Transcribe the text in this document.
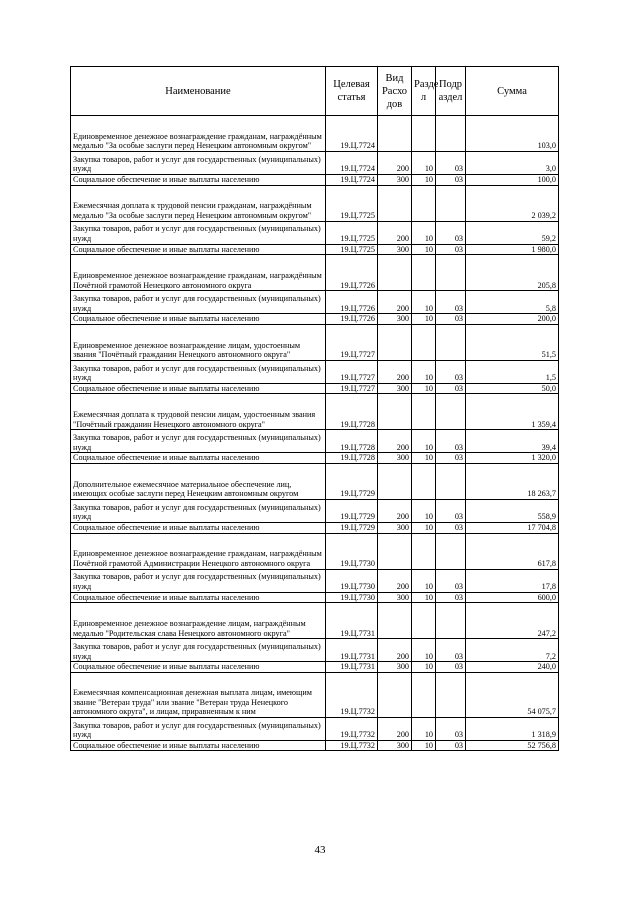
Наименование	Целевая статья	Вид Расхо дов	Разде л	Подр аздел	Сумма
Единовременное денежное вознаграждение гражданам, награждённым медалью "За особые заслуги перед Ненецким автономным округом"	19.Ц.7724				103,0
Закупка товаров, работ и услуг для государственных (муниципальных) нужд	19.Ц.7724	200	10	03	3,0
Социальное обеспечение и иные выплаты населению	19.Ц.7724	300	10	03	100,0
Ежемесячная доплата к трудовой пенсии гражданам, награждённым медалью "За особые заслуги перед Ненецким автономным округом"	19.Ц.7725				2 039,2
Закупка товаров, работ и услуг для государственных (муниципальных) нужд	19.Ц.7725	200	10	03	59,2
Социальное обеспечение и иные выплаты населению	19.Ц.7725	300	10	03	1 980,0
Единовременное денежное вознаграждение гражданам, награждённым Почётной грамотой Ненецкого автономного округа	19.Ц.7726				205,8
Закупка товаров, работ и услуг для государственных (муниципальных) нужд	19.Ц.7726	200	10	03	5,8
Социальное обеспечение и иные выплаты населению	19.Ц.7726	300	10	03	200,0
Единовременное денежное вознаграждение лицам, удостоенным звания "Почётный гражданин Ненецкого автономного округа"	19.Ц.7727				51,5
Закупка товаров, работ и услуг для государственных (муниципальных) нужд	19.Ц.7727	200	10	03	1,5
Социальное обеспечение и иные выплаты населению	19.Ц.7727	300	10	03	50,0
Ежемесячная доплата к трудовой пенсии лицам, удостоенным звания "Почётный гражданин Ненецкого автономного округа"	19.Ц.7728				1 359,4
Закупка товаров, работ и услуг для государственных (муниципальных) нужд	19.Ц.7728	200	10	03	39,4
Социальное обеспечение и иные выплаты населению	19.Ц.7728	300	10	03	1 320,0
Дополнительное ежемесячное материальное обеспечение лиц, имеющих особые заслуги перед Ненецким автономным округом	19.Ц.7729				18 263,7
Закупка товаров, работ и услуг для государственных (муниципальных) нужд	19.Ц.7729	200	10	03	558,9
Социальное обеспечение и иные выплаты населению	19.Ц.7729	300	10	03	17 704,8
Единовременное денежное вознаграждение гражданам, награждённым Почётной грамотой Администрации Ненецкого автономного округа	19.Ц.7730				617,8
Закупка товаров, работ и услуг для государственных (муниципальных) нужд	19.Ц.7730	200	10	03	17,8
Социальное обеспечение и иные выплаты населению	19.Ц.7730	300	10	03	600,0
Единовременное денежное вознаграждение лицам, награждённым медалью "Родительская слава Ненецкого автономного округа"	19.Ц.7731				247,2
Закупка товаров, работ и услуг для государственных (муниципальных) нужд	19.Ц.7731	200	10	03	7,2
Социальное обеспечение и иные выплаты населению	19.Ц.7731	300	10	03	240,0
Ежемесячная компенсационная денежная выплата лицам, имеющим звание "Ветеран труда" или звание "Ветеран труда Ненецкого автономного округа", и лицам, приравненным к ним	19.Ц.7732				54 075,7
Закупка товаров, работ и услуг для государственных (муниципальных) нужд	19.Ц.7732	200	10	03	1 318,9
Социальное обеспечение и иные выплаты населению	19.Ц.7732	300	10	03	52 756,8
43
